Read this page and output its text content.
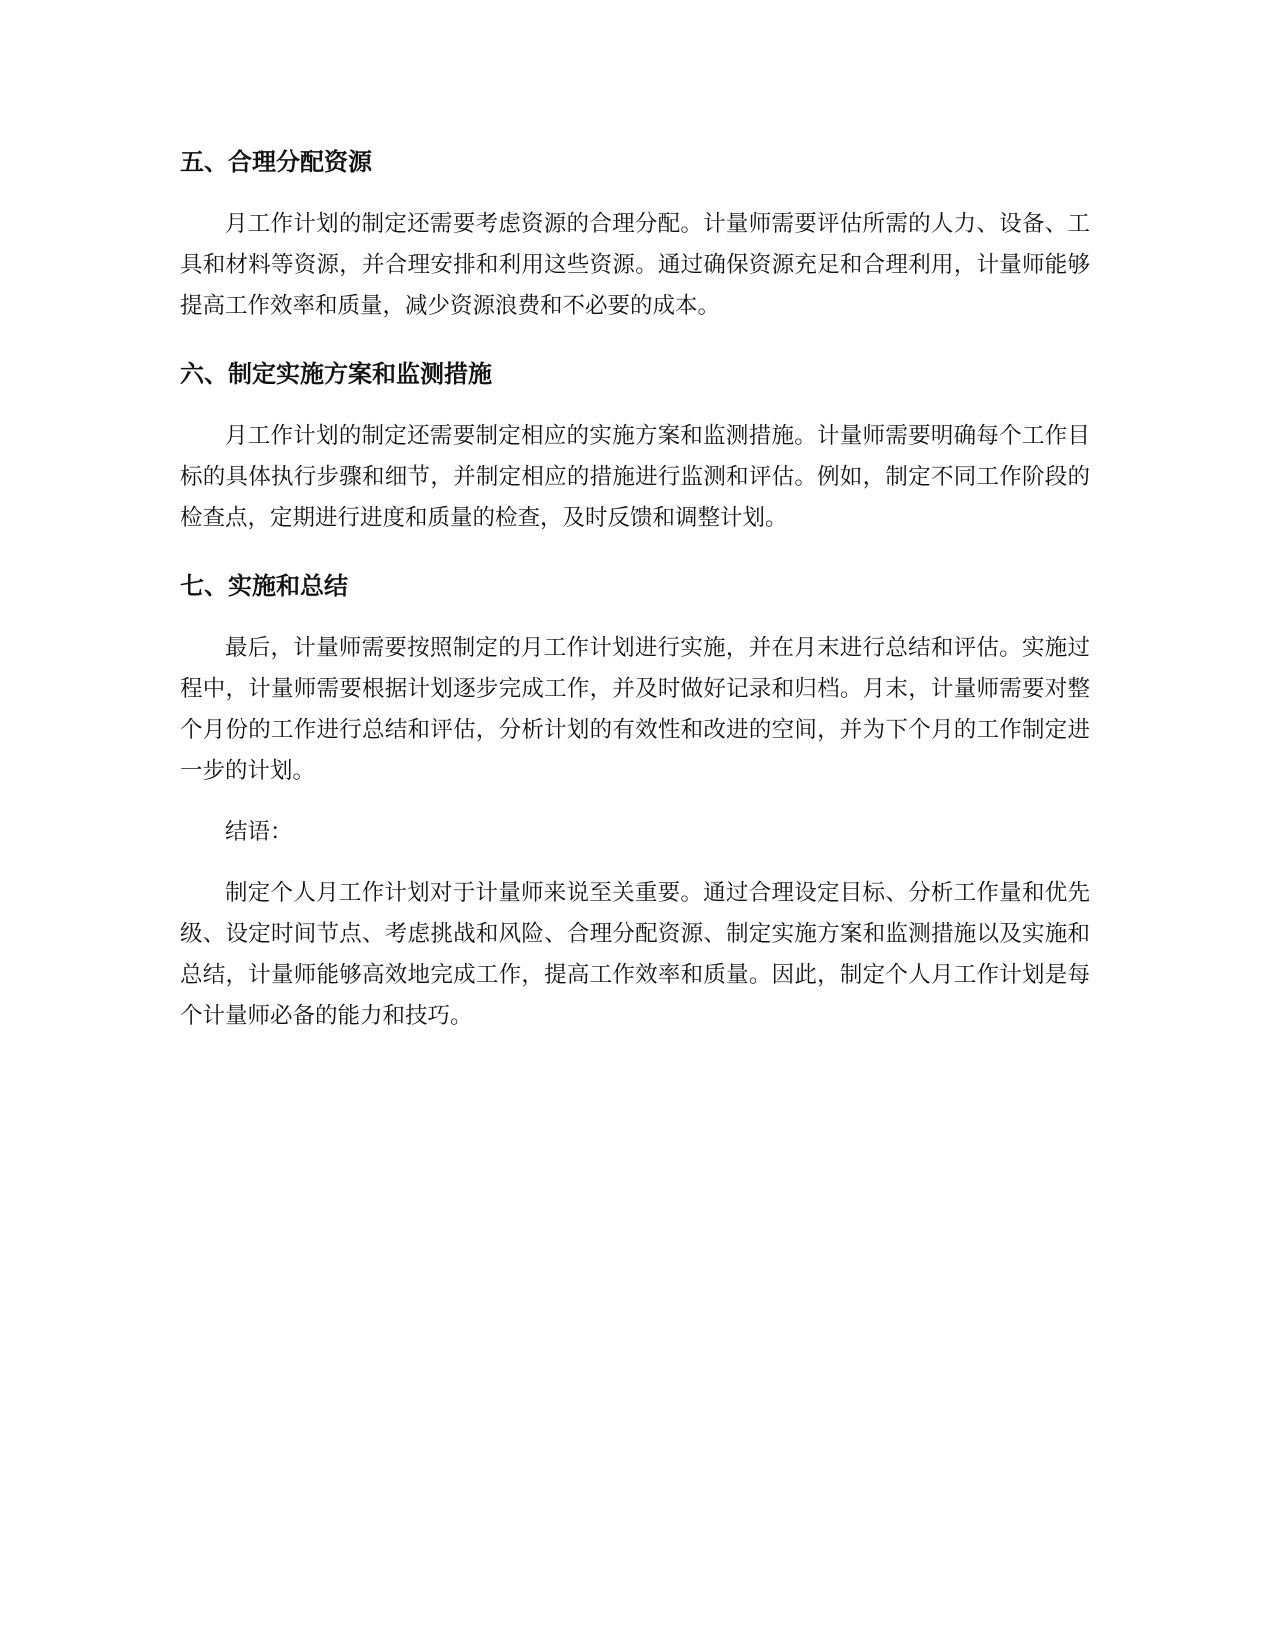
五、合理分配资源

月工作计划的制定还需要考虑资源的合理分配。计量师需要评估所需的人力、设备、工具和材料等资源，并合理安排和利用这些资源。通过确保资源充足和合理利用，计量师能够提高工作效率和质量，减少资源浪费和不必要的成本。

六、制定实施方案和监测措施

月工作计划的制定还需要制定相应的实施方案和监测措施。计量师需要明确每个工作目标的具体执行步骤和细节，并制定相应的措施进行监测和评估。例如，制定不同工作阶段的检查点，定期进行进度和质量的检查，及时反馈和调整计划。

七、实施和总结

最后，计量师需要按照制定的月工作计划进行实施，并在月末进行总结和评估。实施过程中，计量师需要根据计划逐步完成工作，并及时做好记录和归档。月末，计量师需要对整个月份的工作进行总结和评估，分析计划的有效性和改进的空间，并为下个月的工作制定进一步的计划。

结语：

制定个人月工作计划对于计量师来说至关重要。通过合理设定目标、分析工作量和优先级、设定时间节点、考虑挑战和风险、合理分配资源、制定实施方案和监测措施以及实施和总结，计量师能够高效地完成工作，提高工作效率和质量。因此，制定个人月工作计划是每个计量师必备的能力和技巧。
